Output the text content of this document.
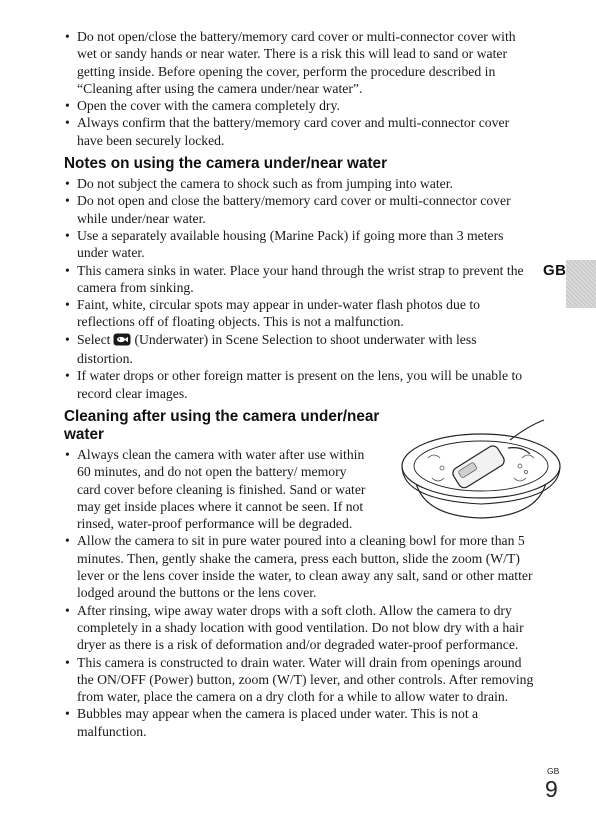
• Do not open/close the battery/memory card cover or multi-connector cover with wet or sandy hands or near water. There is a risk this will lead to sand or water getting inside. Before opening the cover, perform the procedure described in “Cleaning after using the camera under/near water”.
• Open the cover with the camera completely dry.
• Always confirm that the battery/memory card cover and multi-connector cover have been securely locked.
Notes on using the camera under/near water
• Do not subject the camera to shock such as from jumping into water.
• Do not open and close the battery/memory card cover or multi-connector cover while under/near water.
• Use a separately available housing (Marine Pack) if going more than 3 meters under water.
• This camera sinks in water. Place your hand through the wrist strap to prevent the camera from sinking.
• Faint, white, circular spots may appear in under-water flash photos due to reflections off of floating objects. This is not a malfunction.
• Select (Underwater) in Scene Selection to shoot underwater with less distortion.
• If water drops or other foreign matter is present on the lens, you will be unable to record clear images.
Cleaning after using the camera under/near
water
• Always clean the camera with water after use within 60 minutes, and do not open the battery/ memory card cover before cleaning is finished. Sand or water may get inside places where it cannot be seen. If not rinsed, water-proof performance will be degraded.
• Allow the camera to sit in pure water poured into a cleaning bowl for more than 5 minutes. Then, gently shake the camera, press each button, slide the zoom (W/T) lever or the lens cover inside the water, to clean away any salt, sand or other matter lodged around the buttons or the lens cover.
• After rinsing, wipe away water drops with a soft cloth. Allow the camera to dry completely in a shady location with good ventilation. Do not blow dry with a hair dryer as there is a risk of deformation and/or degraded water-proof performance.
• This camera is constructed to drain water. Water will drain from openings around the ON/OFF (Power) button, zoom (W/T) lever, and other controls. After removing from water, place the camera on a dry cloth for a while to allow water to drain.
• Bubbles may appear when the camera is placed under water. This is not a malfunction.
GB
GB
9
